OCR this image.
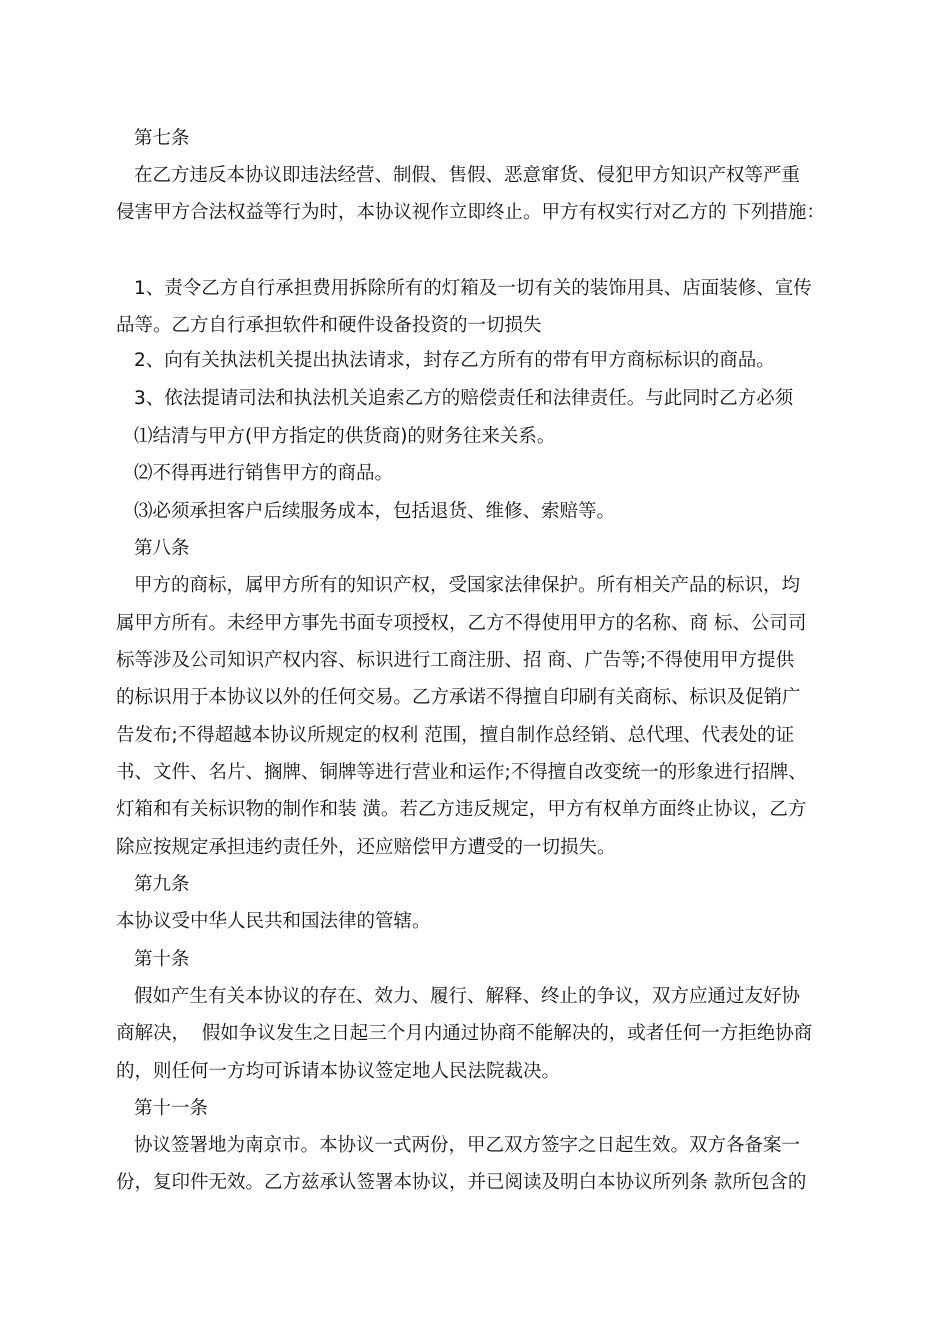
第七条
在乙方违反本协议即违法经营、制假、售假、恶意窜货、侵犯甲方知识产权等严重
侵害甲方合法权益等行为时，本协议视作立即终止。甲方有权实行对乙方的 下列措施：
1、责令乙方自行承担费用拆除所有的灯箱及一切有关的装饰用具、店面装修、宣传
品等。乙方自行承担软件和硬件设备投资的一切损失
2、向有关执法机关提出执法请求，封存乙方所有的带有甲方商标标识的商品。
3、依法提请司法和执法机关追索乙方的赔偿责任和法律责任。与此同时乙方必须
⑴结清与甲方(甲方指定的供货商)的财务往来关系。
⑵不得再进行销售甲方的商品。
⑶必须承担客户后续服务成本，包括退货、维修、索赔等。
第八条
甲方的商标，属甲方所有的知识产权，受国家法律保护。所有相关产品的标识，均
属甲方所有。未经甲方事先书面专项授权，乙方不得使用甲方的名称、商 标、公司司
标等涉及公司知识产权内容、标识进行工商注册、招 商、广告等;不得使用甲方提供
的标识用于本协议以外的任何交易。乙方承诺不得擅自印刷有关商标、标识及促销广
告发布;不得超越本协议所规定的权利 范围，擅自制作总经销、总代理、代表处的证
书、文件、名片、搁牌、铜牌等进行营业和运作;不得擅自改变统一的形象进行招牌、
灯箱和有关标识物的制作和装 潢。若乙方违反规定，甲方有权单方面终止协议，乙方
除应按规定承担违约责任外，还应赔偿甲方遭受的一切损失。
第九条
本协议受中华人民共和国法律的管辖。
第十条
假如产生有关本协议的存在、效力、履行、解释、终止的争议，双方应通过友好协
商解决，  假如争议发生之日起三个月内通过协商不能解决的，或者任何一方拒绝协商
的，则任何一方均可诉请本协议签定地人民法院裁决。
第十一条
协议签署地为南京市。本协议一式两份，甲乙双方签字之日起生效。双方各备案一
份，复印件无效。乙方兹承认签署本协议，并已阅读及明白本协议所列条 款所包含的
